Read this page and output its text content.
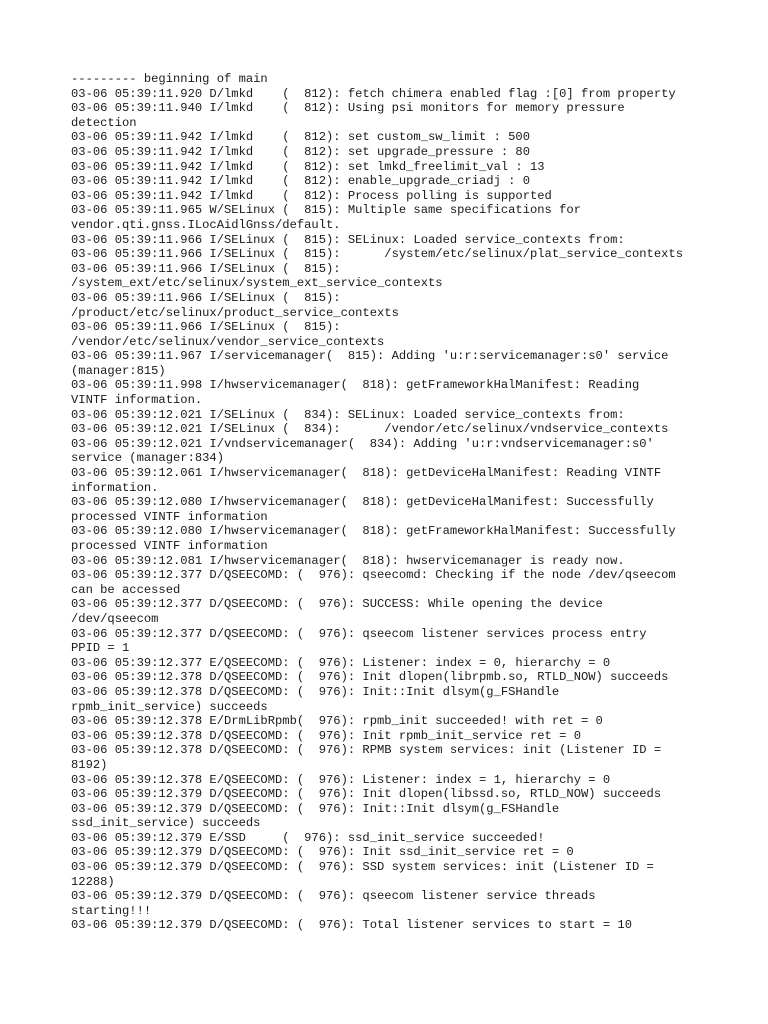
--------- beginning of main
03-06 05:39:11.920 D/lmkd    (  812): fetch chimera enabled flag :[0] from property
03-06 05:39:11.940 I/lmkd    (  812): Using psi monitors for memory pressure
detection
03-06 05:39:11.942 I/lmkd    (  812): set custom_sw_limit : 500
03-06 05:39:11.942 I/lmkd    (  812): set upgrade_pressure : 80
03-06 05:39:11.942 I/lmkd    (  812): set lmkd_freelimit_val : 13
03-06 05:39:11.942 I/lmkd    (  812): enable_upgrade_criadj : 0
03-06 05:39:11.942 I/lmkd    (  812): Process polling is supported
03-06 05:39:11.965 W/SELinux (  815): Multiple same specifications for
vendor.qti.gnss.ILocAidlGnss/default.
03-06 05:39:11.966 I/SELinux (  815): SELinux: Loaded service_contexts from:
03-06 05:39:11.966 I/SELinux (  815):      /system/etc/selinux/plat_service_contexts
03-06 05:39:11.966 I/SELinux (  815):
/system_ext/etc/selinux/system_ext_service_contexts
03-06 05:39:11.966 I/SELinux (  815):
/product/etc/selinux/product_service_contexts
03-06 05:39:11.966 I/SELinux (  815):
/vendor/etc/selinux/vendor_service_contexts
03-06 05:39:11.967 I/servicemanager(  815): Adding 'u:r:servicemanager:s0' service
(manager:815)
03-06 05:39:11.998 I/hwservicemanager(  818): getFrameworkHalManifest: Reading
VINTF information.
03-06 05:39:12.021 I/SELinux (  834): SELinux: Loaded service_contexts from:
03-06 05:39:12.021 I/SELinux (  834):      /vendor/etc/selinux/vndservice_contexts
03-06 05:39:12.021 I/vndservicemanager(  834): Adding 'u:r:vndservicemanager:s0'
service (manager:834)
03-06 05:39:12.061 I/hwservicemanager(  818): getDeviceHalManifest: Reading VINTF
information.
03-06 05:39:12.080 I/hwservicemanager(  818): getDeviceHalManifest: Successfully
processed VINTF information
03-06 05:39:12.080 I/hwservicemanager(  818): getFrameworkHalManifest: Successfully
processed VINTF information
03-06 05:39:12.081 I/hwservicemanager(  818): hwservicemanager is ready now.
03-06 05:39:12.377 D/QSEECOMD: (  976): qseecomd: Checking if the node /dev/qseecom
can be accessed
03-06 05:39:12.377 D/QSEECOMD: (  976): SUCCESS: While opening the device
/dev/qseecom
03-06 05:39:12.377 D/QSEECOMD: (  976): qseecom listener services process entry
PPID = 1
03-06 05:39:12.377 E/QSEECOMD: (  976): Listener: index = 0, hierarchy = 0
03-06 05:39:12.378 D/QSEECOMD: (  976): Init dlopen(librpmb.so, RTLD_NOW) succeeds
03-06 05:39:12.378 D/QSEECOMD: (  976): Init::Init dlsym(g_FSHandle
rpmb_init_service) succeeds
03-06 05:39:12.378 E/DrmLibRpmb(  976): rpmb_init succeeded! with ret = 0
03-06 05:39:12.378 D/QSEECOMD: (  976): Init rpmb_init_service ret = 0
03-06 05:39:12.378 D/QSEECOMD: (  976): RPMB system services: init (Listener ID =
8192)
03-06 05:39:12.378 E/QSEECOMD: (  976): Listener: index = 1, hierarchy = 0
03-06 05:39:12.379 D/QSEECOMD: (  976): Init dlopen(libssd.so, RTLD_NOW) succeeds
03-06 05:39:12.379 D/QSEECOMD: (  976): Init::Init dlsym(g_FSHandle
ssd_init_service) succeeds
03-06 05:39:12.379 E/SSD     (  976): ssd_init_service succeeded!
03-06 05:39:12.379 D/QSEECOMD: (  976): Init ssd_init_service ret = 0
03-06 05:39:12.379 D/QSEECOMD: (  976): SSD system services: init (Listener ID =
12288)
03-06 05:39:12.379 D/QSEECOMD: (  976): qseecom listener service threads
starting!!!
03-06 05:39:12.379 D/QSEECOMD: (  976): Total listener services to start = 10
